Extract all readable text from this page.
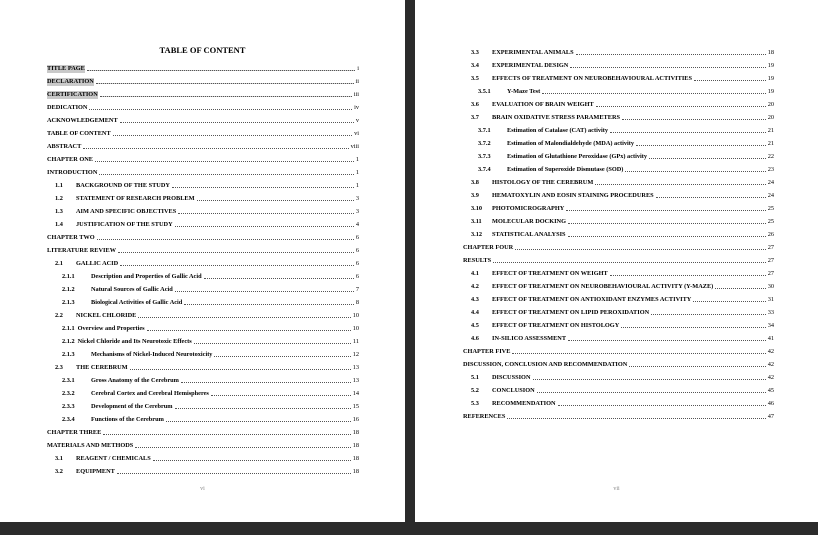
TABLE OF CONTENT
TITLE PAGE	i
DECLARATION	ii
CERTIFICATION	iii
DEDICATION	iv
ACKNOWLEDGEMENT	v
TABLE OF CONTENT	vi
ABSTRACT	viii
CHAPTER ONE	1
INTRODUCTION	1
1.1	BACKGROUND OF THE STUDY	1
1.2	STATEMENT OF RESEARCH PROBLEM	3
1.3	AIM AND SPECIFIC OBJECTIVES	3
1.4	JUSTIFICATION OF THE STUDY	4
CHAPTER TWO	6
LITERATURE REVIEW	6
2.1	GALLIC ACID	6
2.1.1	Description and Properties of Gallic Acid	6
2.1.2	Natural Sources of Gallic Acid	7
2.1.3	Biological Activities of Gallic Acid	8
2.2	NICKEL CHLORIDE	10
2.1.1 Overview and Properties	10
2.1.2 Nickel Chloride and Its Neurotoxic Effects	11
2.1.3	Mechanisms of Nickel-Induced Neurotoxicity	12
2.3	THE CEREBRUM	13
2.3.1	Gross Anatomy of the Cerebrum	13
2.3.2	Cerebral Cortex and Cerebral Hemispheres	14
2.3.3	Development of the Cerebrum	15
2.3.4	Functions of the Cerebrum	16
CHAPTER THREE	18
MATERIALS AND METHODS	18
3.1	REAGENT / CHEMICALS	18
3.2	EQUIPMENT	18
vi
3.3	EXPERIMENTAL ANIMALS	18
3.4	EXPERIMENTAL DESIGN	19
3.5	EFFECTS OF TREATMENT ON NEUROBEHAVIOURAL ACTIVITIES	19
3.5.1	Y-Maze Test	19
3.6	EVALUATION OF BRAIN WEIGHT	20
3.7	BRAIN OXIDATIVE STRESS PARAMETERS	20
3.7.1	Estimation of Catalase (CAT) activity	21
3.7.2	Estimation of Malondialdehyde (MDA) activity	21
3.7.3	Estimation of Glutathione Peroxidase (GPx) activity	22
3.7.4	Estimation of Superoxide Dismutase (SOD)	23
3.8	HISTOLOGY OF THE CEREBRUM	24
3.9	HEMATOXYLIN AND EOSIN STAINING PROCEDURES	24
3.10	PHOTOMICROGRAPHY	25
3.11	MOLECULAR DOCKING	25
3.12	STATISTICAL ANALYSIS	26
CHAPTER FOUR	27
RESULTS	27
4.1	EFFECT OF TREATMENT ON WEIGHT	27
4.2	EFFECT OF TREATMENT ON NEUROBEHAVIOURAL ACTIVITY (Y-MAZE)	30
4.3	EFFECT OF TREATMENT ON ANTIOXIDANT ENZYMES ACTIVITY	31
4.4	EFFECT OF TREATMENT ON LIPID PEROXIDATION	33
4.5	EFFECT OF TREATMENT ON HISTOLOGY	34
4.6	IN-SILICO ASSESSMENT	41
CHAPTER FIVE	42
DISCUSSION, CONCLUSION AND RECOMMENDATION	42
5.1	DISCUSSION	42
5.2	CONCLUSION	45
5.3	RECOMMENDATION	46
REFERENCES	47
vii
